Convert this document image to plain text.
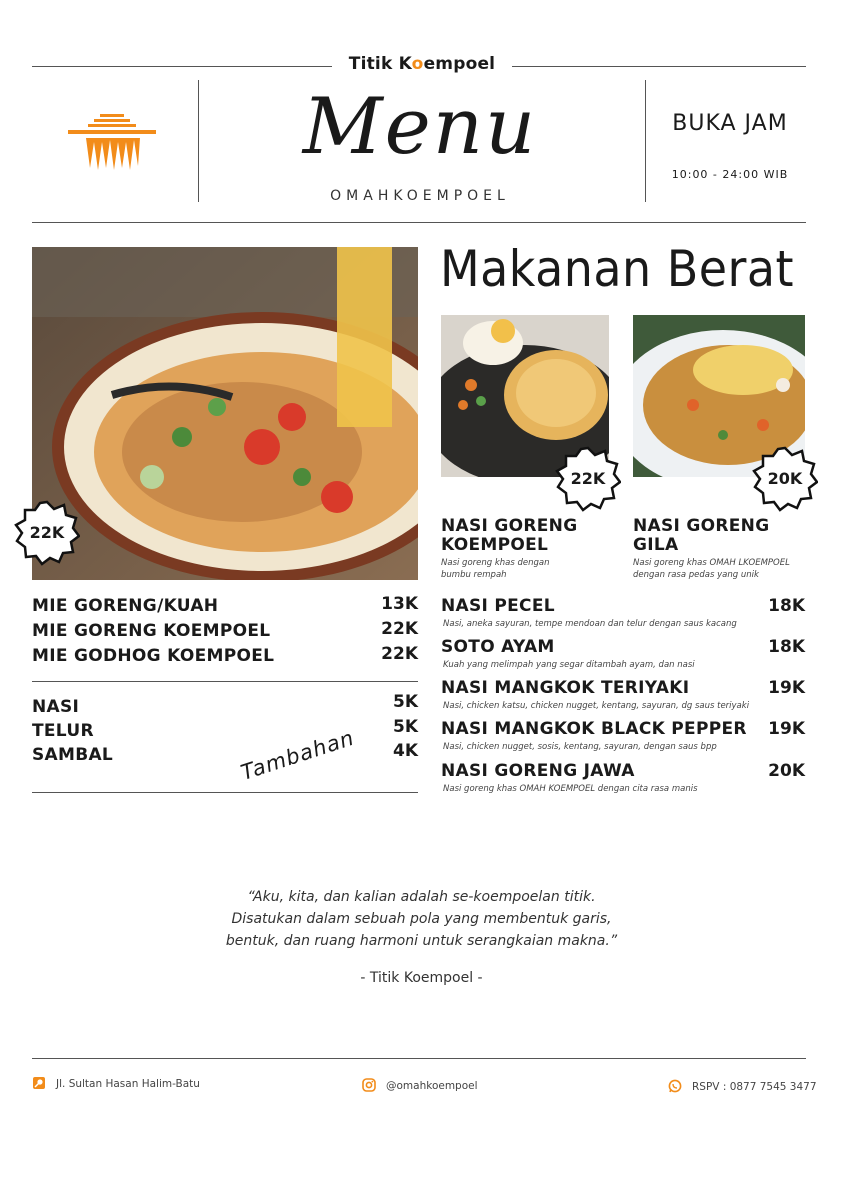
Titik Koempoel
Menu
OMAHKOEMPOEL
BUKA JAM
10:00 - 24:00 WIB
22K
MIE GORENG/KUAH	13K
MIE GORENG KOEMPOEL	22K
MIE GODHOG KOEMPOEL	22K
NASI	5K
TELUR	5K
SAMBAL	4K
Tambahan
Makanan Berat
22K	20K
NASI GORENG KOEMPOEL
Nasi goreng khas dengan bumbu rempah
NASI GORENG GILA
Nasi goreng khas OMAH LKOEMPOEL dengan rasa pedas yang unik
NASI PECEL	18K
Nasi, aneka sayuran, tempe mendoan dan telur dengan saus kacang
SOTO AYAM	18K
Kuah yang melimpah yang segar ditambah ayam, dan nasi
NASI MANGKOK TERIYAKI	19K
Nasi, chicken katsu, chicken nugget, kentang, sayuran, dg saus teriyaki
NASI MANGKOK BLACK PEPPER	19K
Nasi, chicken nugget, sosis, kentang, sayuran, dengan saus bpp
NASI GORENG JAWA	20K
Nasi goreng khas OMAH KOEMPOEL dengan cita rasa manis
“Aku, kita, dan kalian adalah se-koempoelan titik.
Disatukan dalam sebuah pola yang membentuk garis,
bentuk, dan ruang harmoni untuk serangkaian makna.”
- Titik Koempoel -
Jl. Sultan Hasan Halim-Batu	@omahkoempoel	RSPV : 0877 7545 3477
